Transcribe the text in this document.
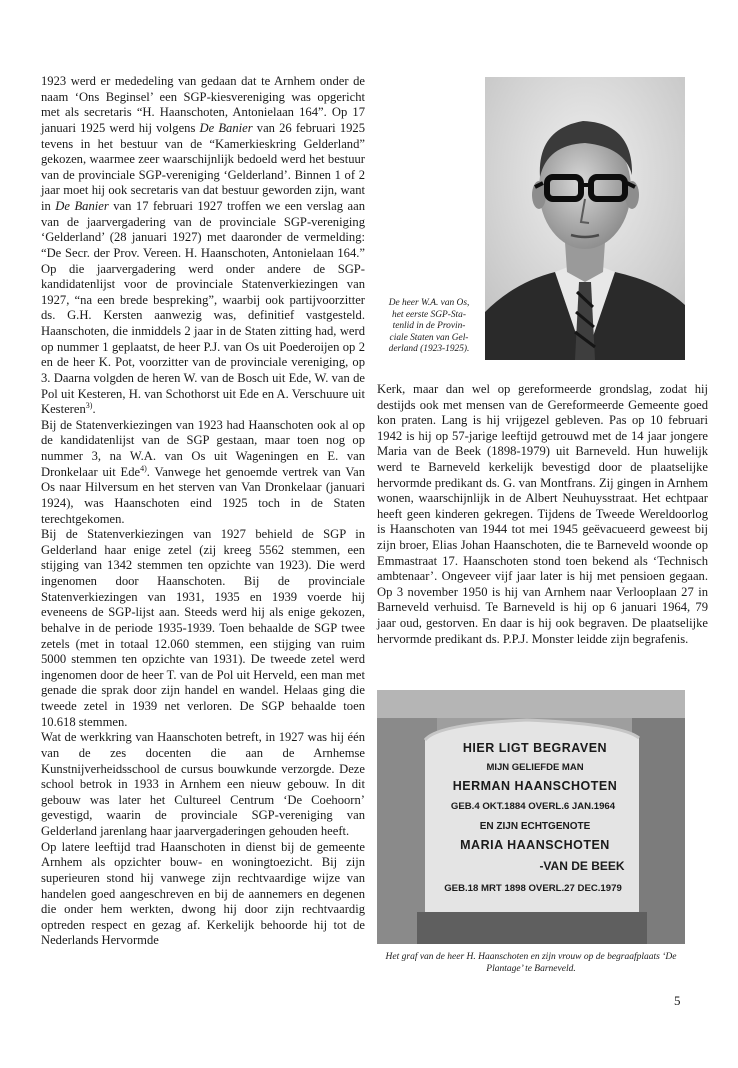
1923 werd er mededeling van gedaan dat te Arnhem onder de naam ‘Ons Beginsel’ een SGP-kiesvereniging was opgericht met als secretaris “H. Haanschoten, Antonielaan 164”. Op 17 januari 1925 werd hij volgens De Banier van 26 februari 1925 tevens in het bestuur van de “Kamerkieskring Gelderland” gekozen, waarmee zeer waarschijnlijk bedoeld werd het bestuur van de provinciale SGP-vereniging ‘Gelderland’. Binnen 1 of 2 jaar moet hij ook secretaris van dat bestuur geworden zijn, want in De Banier van 17 februari 1927 troffen we een verslag aan van de jaarvergadering van de provinciale SGP-vereniging ‘Gelderland’ (28 januari 1927) met daaronder de vermelding: “De Secr. der Prov. Vereen. H. Haanschoten, Antonielaan 164.” Op die jaarvergadering werd onder andere de SGP-kandidatenlijst voor de provinciale Statenverkiezingen van 1927, “na een brede bespreking”, waarbij ook partijvoorzitter ds. G.H. Kersten aanwezig was, definitief vastgesteld. Haanschoten, die inmiddels 2 jaar in de Staten zitting had, werd op nummer 1 geplaatst, de heer P.J. van Os uit Poederoijen op 2 en de heer K. Pot, voorzitter van de provinciale vereniging, op 3. Daarna volgden de heren W. van de Bosch uit Ede, W. van de Pol uit Kesteren, H. van Schothorst uit Ede en A. Verschuure uit Kesteren$^{3)}$.

Bij de Statenverkiezingen van 1923 had Haanschoten ook al op de kandidatenlijst van de SGP gestaan, maar toen nog op nummer 3, na W.A. van Os uit Wageningen en E. van Dronkelaar uit Ede$^{4)}$. Vanwege het genoemde vertrek van Van Os naar Hilversum en het sterven van Van Dronkelaar (januari 1924), was Haanschoten eind 1925 toch in de Staten terechtgekomen.

Bij de Statenverkiezingen van 1927 behield de SGP in Gelderland haar enige zetel (zij kreeg 5562 stemmen, een stijging van 1342 stemmen ten opzichte van 1923). Die werd ingenomen door Haanschoten. Bij de provinciale Statenverkiezingen van 1931, 1935 en 1939 voerde hij eveneens de SGP-lijst aan. Steeds werd hij als enige gekozen, behalve in de periode 1935-1939. Toen behaalde de SGP twee zetels (met in totaal 12.060 stemmen, een stijging van ruim 5000 stemmen ten opzichte van 1931). De tweede zetel werd ingenomen door de heer T. van de Pol uit Herveld, een man met genade die sprak door zijn handel en wandel. Helaas ging die tweede zetel in 1939 net verloren. De SGP behaalde toen 10.618 stemmen.

Wat de werkkring van Haanschoten betreft, in 1927 was hij één van de zes docenten die aan de Arnhemse Kunstnijverheidsschool de cursus bouwkunde verzorgde. Deze school betrok in 1933 in Arnhem een nieuw gebouw. In dit gebouw was later het Cultureel Centrum ‘De Coehoorn’ gevestigd, waarin de provinciale SGP-vereniging van Gelderland jarenlang haar jaarvergaderingen gehouden heeft.

Op latere leeftijd trad Haanschoten in dienst bij de gemeente Arnhem als opzichter bouw- en woningtoezicht. Bij zijn superieuren stond hij vanwege zijn rechtvaardige wijze van handelen goed aangeschreven en bij de aannemers en degenen die onder hem werkten, dwong hij door zijn rechtvaardig optreden respect en gezag af. Kerkelijk behoorde hij tot de Nederlands Hervormde

De heer W.A. van Os,
het eerste SGP-Sta-
tenlid in de Provin-
ciale Staten van Gel-
derland (1923-1925).

Kerk, maar dan wel op gereformeerde grondslag, zodat hij destijds ook met mensen van de Gereformeerde Gemeente goed kon praten. Lang is hij vrijgezel gebleven. Pas op 10 februari 1942 is hij op 57-jarige leeftijd getrouwd met de 14 jaar jongere Maria van de Beek (1898-1979) uit Barneveld. Hun huwelijk werd te Barneveld kerkelijk bevestigd door de plaatselijke hervormde predikant ds. G. van Montfrans. Zij gingen in Arnhem wonen, waarschijnlijk in de Albert Neuhuysstraat. Het echtpaar heeft geen kinderen gekregen. Tijdens de Tweede Wereldoorlog is Haanschoten van 1944 tot mei 1945 geëvacueerd geweest bij zijn broer, Elias Johan Haanschoten, die te Barneveld woonde op Emmastraat 17. Haanschoten stond toen bekend als ‘Technisch ambtenaar’. Ongeveer vijf jaar later is hij met pensioen gegaan. Op 3 november 1950 is hij van Arnhem naar Verlooplaan 27 in Barneveld verhuisd. Te Barneveld is hij op 6 januari 1964, 79 jaar oud, gestorven. En daar is hij ook begraven. De plaatselijke hervormde predikant ds. P.P.J. Monster leidde zijn begrafenis.

HIER LIGT BEGRAVEN
MIJN GELIEFDE MAN
HERMAN HAANSCHOTEN
GEB.4 OKT.1884 OVERL.6 JAN.1964
EN ZIJN ECHTGENOTE
MARIA HAANSCHOTEN
-VAN DE BEEK
GEB.18 MRT 1898 OVERL.27 DEC.1979
Het graf van de heer H. Haanschoten en zijn vrouw op de begraafplaats ‘De Plantage’ te Barneveld.
5
